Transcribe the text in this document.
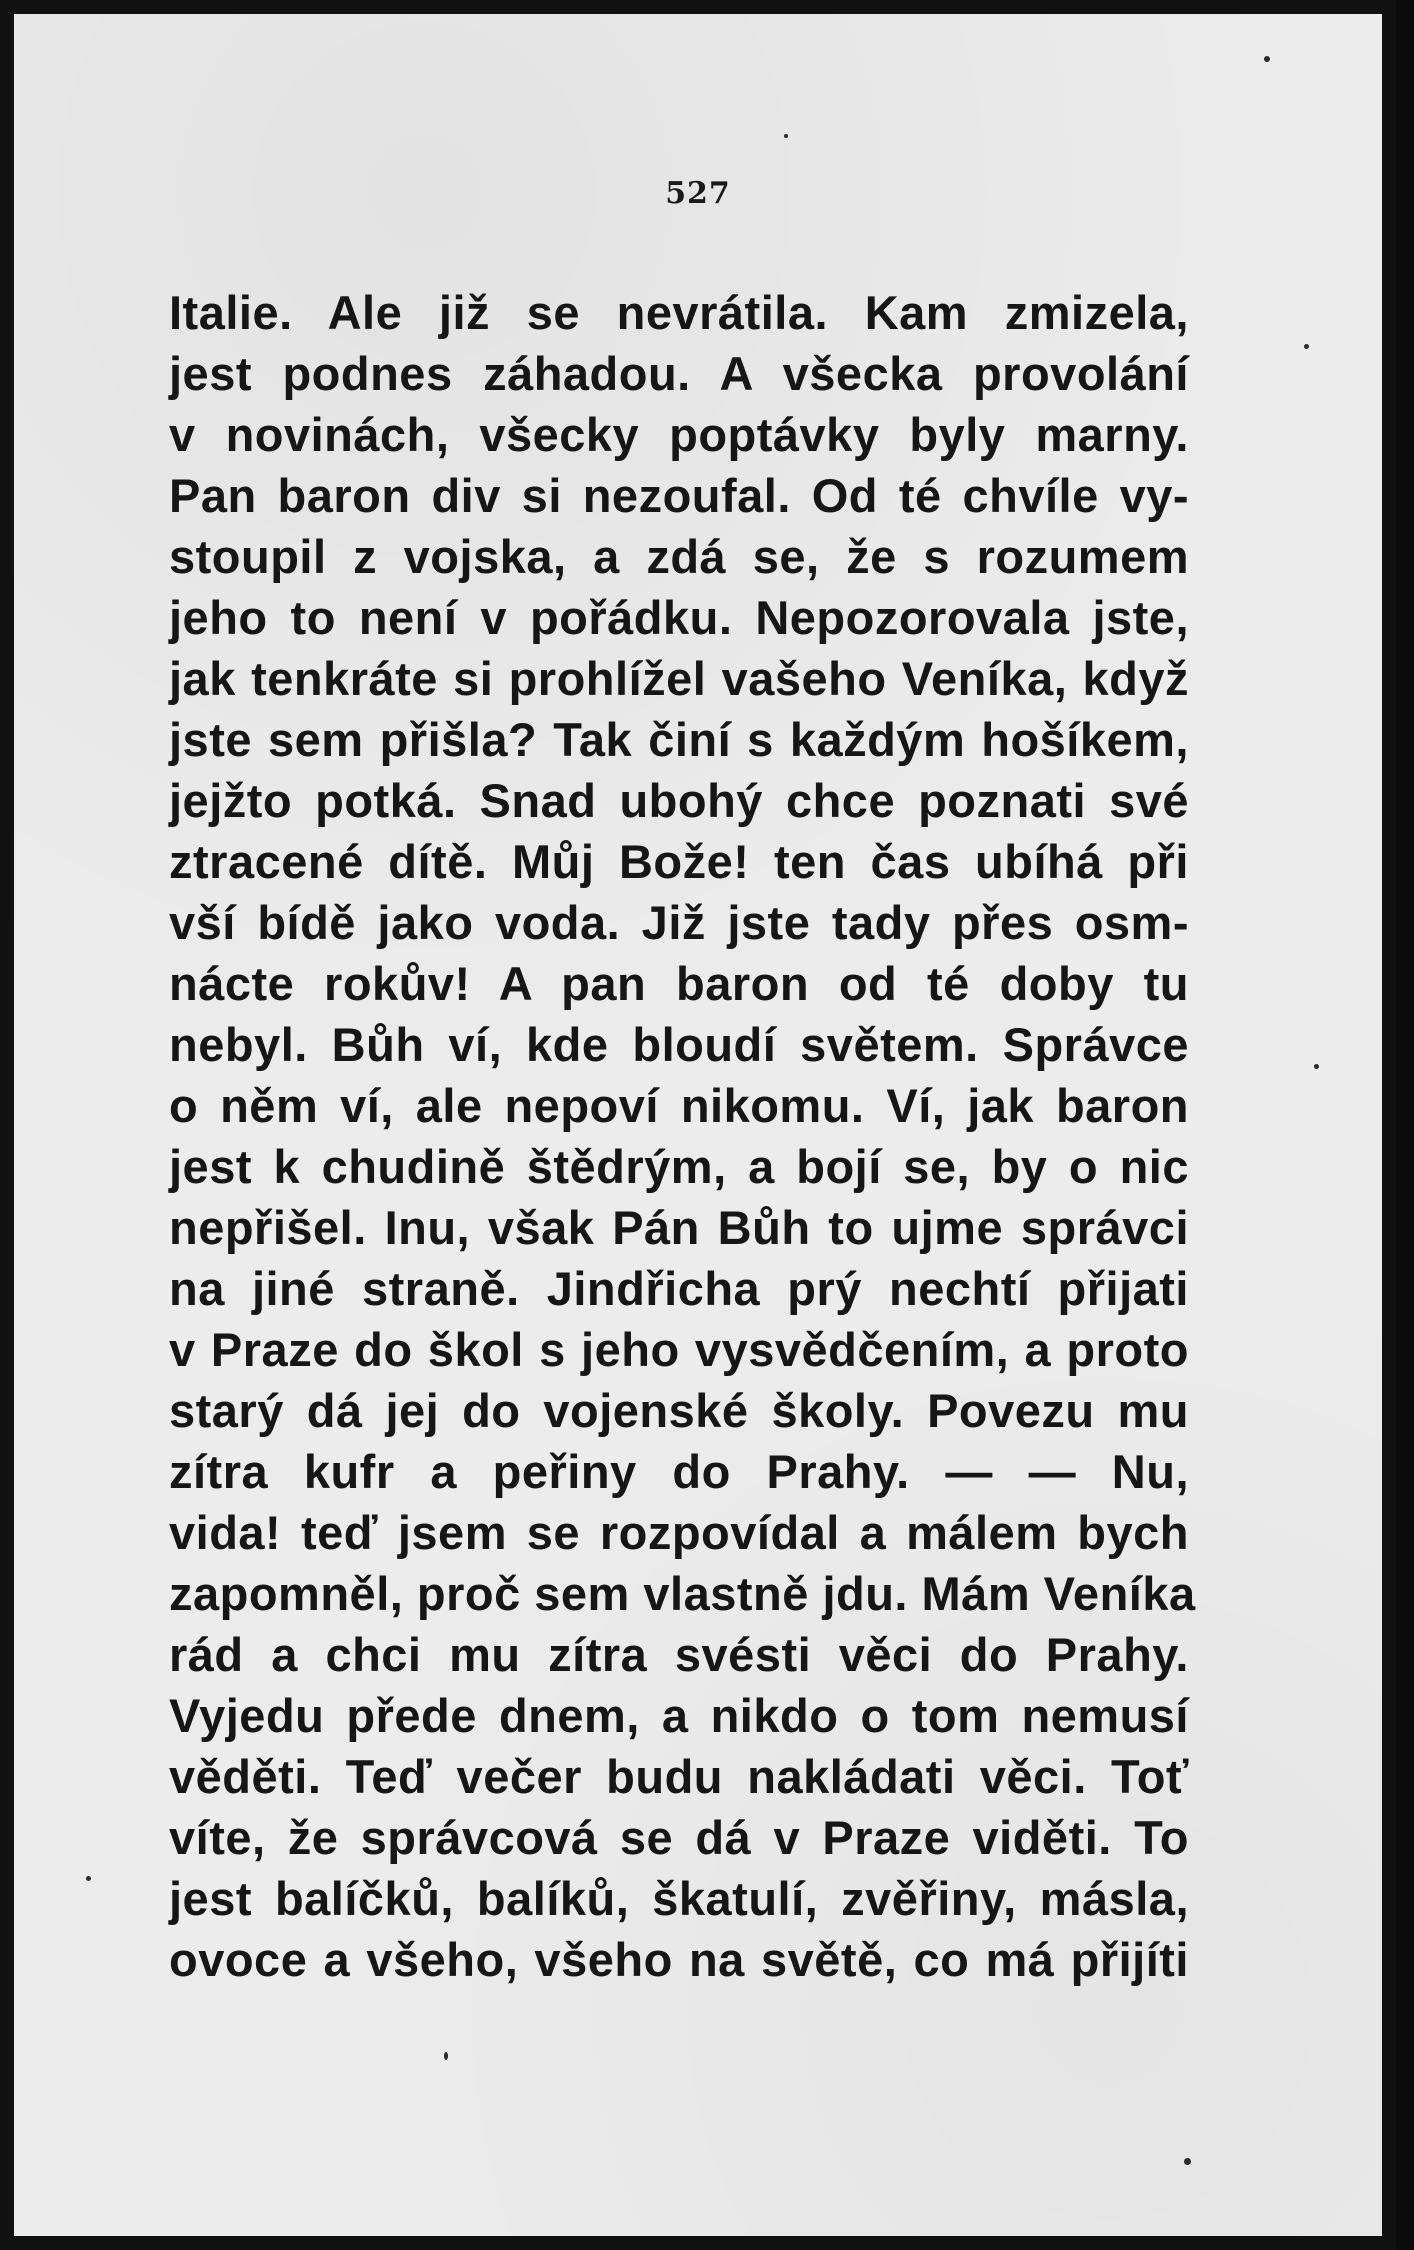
527
Italie. Ale již se nevrátila. Kam zmizela,
jest podnes záhadou. A všecka provolání
v novinách, všecky poptávky byly marny.
Pan baron div si nezoufal. Od té chvíle vy-
stoupil z vojska, a zdá se, že s rozumem
jeho to není v pořádku. Nepozorovala jste,
jak tenkráte si prohlížel vašeho Veníka, když
jste sem přišla? Tak činí s každým hošíkem,
jejžto potká. Snad ubohý chce poznati své
ztracené dítě. Můj Bože! ten čas ubíhá při
vší bídě jako voda. Již jste tady přes osm-
náctе rokův! A pan baron od té doby tu
nebyl. Bůh ví, kde bloudí světem. Správce
o něm ví, ale nepoví nikomu. Ví, jak baron
jest k chudině štědrým, a bojí se, by o nic
nepřišel. Inu, však Pán Bůh to ujme správci
na jiné straně. Jindřicha prý nechtí přijati
v Praze do škol s jeho vysvědčením, a proto
starý dá jej do vojenské školy. Povezu mu
zítra kufr a peřiny do Prahy. — — Nu,
vida! teď jsem se rozpovídal a málem bych
zapomněl, proč sem vlastně jdu. Mám Veníka
rád a chci mu zítra svésti věci do Prahy.
Vyjedu přede dnem, a nikdo o tom nemusí
věděti. Teď večer budu nakládati věci. Toť
víte, že správcová se dá v Praze viděti. To
jest balíčků, balíků, škatulí, zvěřiny, másla,
ovoce a všeho, všeho na světě, co má přijíti
